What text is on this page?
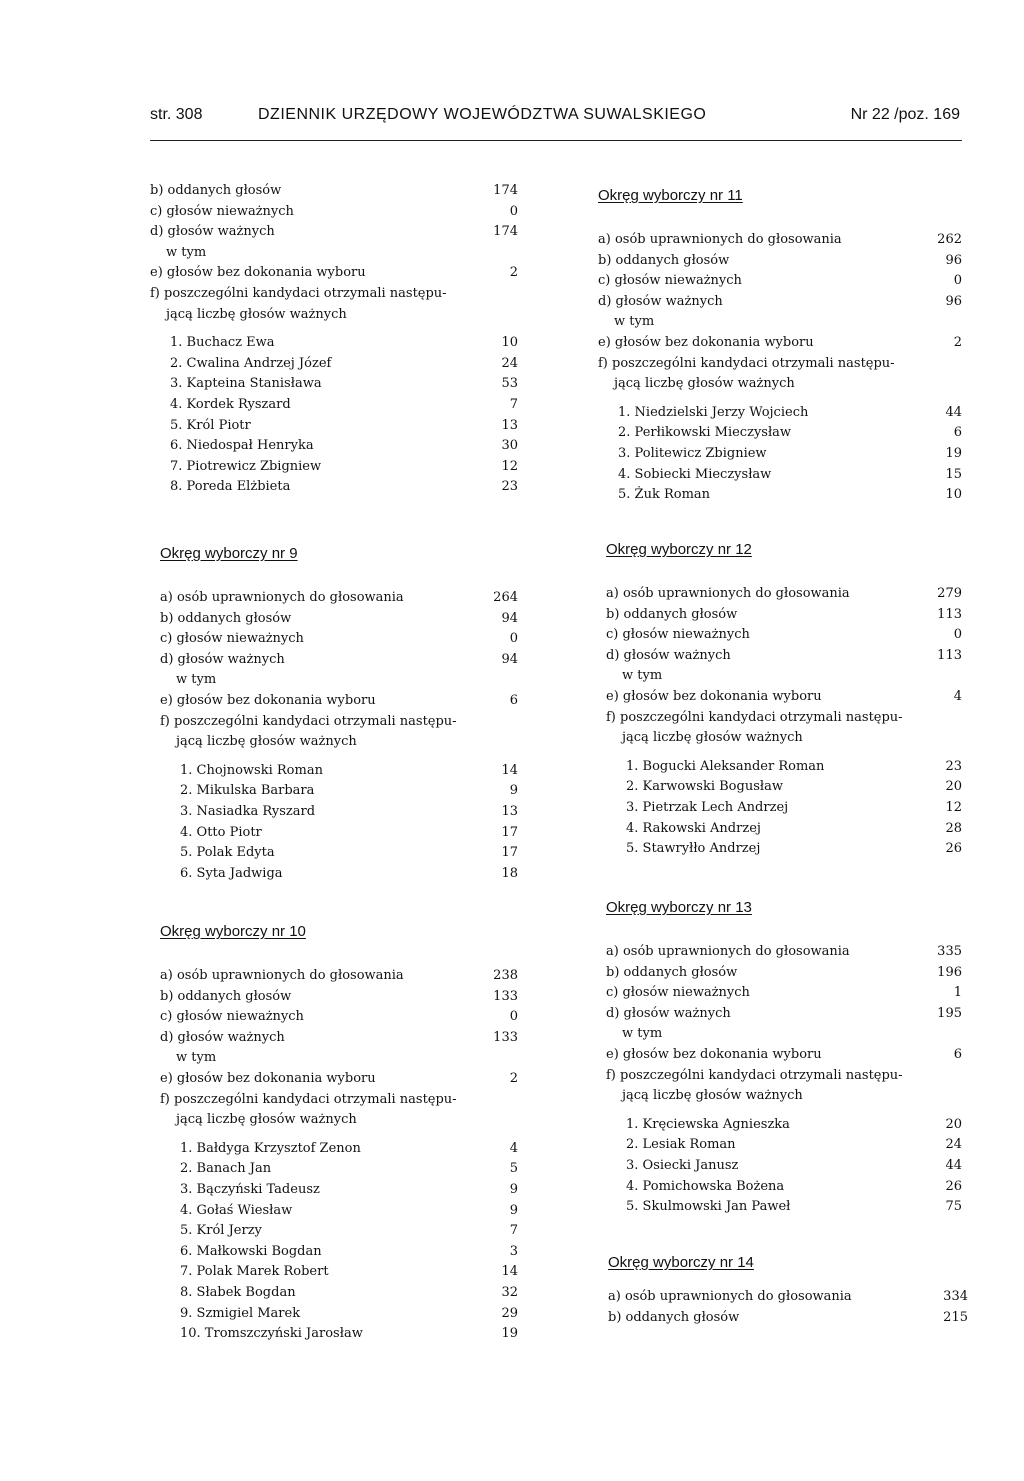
str. 308	DZIENNIK URZĘDOWY WOJEWÓDZTWA SUWALSKIEGO	Nr 22 /poz. 169
b) oddanych głosów	174
c) głosów nieważnych	0
d) głosów ważnych	174
w tym
e) głosów bez dokonania wyboru	2
f) poszczególni kandydaci otrzymali następu-
jącą liczbę głosów ważnych
1. Buchacz Ewa	10
2. Cwalina Andrzej Józef	24
3. Kapteina Stanisława	53
4. Kordek Ryszard	7
5. Król Piotr	13
6. Niedospał Henryka	30
7. Piotrewicz Zbigniew	12
8. Poreda Elżbieta	23
Okręg wyborczy nr 9
a) osób uprawnionych do głosowania	264
b) oddanych głosów	94
c) głosów nieważnych	0
d) głosów ważnych	94
w tym
e) głosów bez dokonania wyboru	6
f) poszczególni kandydaci otrzymali następu-
jącą liczbę głosów ważnych
1. Chojnowski Roman	14
2. Mikulska Barbara	9
3. Nasiadka Ryszard	13
4. Otto Piotr	17
5. Polak Edyta	17
6. Syta Jadwiga	18
Okręg wyborczy nr 10
a) osób uprawnionych do głosowania	238
b) oddanych głosów	133
c) głosów nieważnych	0
d) głosów ważnych	133
w tym
e) głosów bez dokonania wyboru	2
f) poszczególni kandydaci otrzymali następu-
jącą liczbę głosów ważnych
1. Bałdyga Krzysztof Zenon	4
2. Banach Jan	5
3. Bączyński Tadeusz	9
4. Gołaś Wiesław	9
5. Król Jerzy	7
6. Małkowski Bogdan	3
7. Polak Marek Robert	14
8. Słabek Bogdan	32
9. Szmigiel Marek	29
10. Tromszczyński Jarosław	19
Okręg wyborczy nr 11
a) osób uprawnionych do głosowania	262
b) oddanych głosów	96
c) głosów nieważnych	0
d) głosów ważnych	96
w tym
e) głosów bez dokonania wyboru	2
f) poszczególni kandydaci otrzymali następu-
jącą liczbę głosów ważnych
1. Niedzielski Jerzy Wojciech	44
2. Perłikowski Mieczysław	6
3. Politewicz Zbigniew	19
4. Sobiecki Mieczysław	15
5. Żuk Roman	10
Okręg wyborczy nr 12
a) osób uprawnionych do głosowania	279
b) oddanych głosów	113
c) głosów nieważnych	0
d) głosów ważnych	113
w tym
e) głosów bez dokonania wyboru	4
f) poszczególni kandydaci otrzymali następu-
jącą liczbę głosów ważnych
1. Bogucki Aleksander Roman	23
2. Karwowski Bogusław	20
3. Pietrzak Lech Andrzej	12
4. Rakowski Andrzej	28
5. Stawryłło Andrzej	26
Okręg wyborczy nr 13
a) osób uprawnionych do głosowania	335
b) oddanych głosów	196
c) głosów nieważnych	1
d) głosów ważnych	195
w tym
e) głosów bez dokonania wyboru	6
f) poszczególni kandydaci otrzymali następu-
jącą liczbę głosów ważnych
1. Kręciewska Agnieszka	20
2. Lesiak Roman	24
3. Osiecki Janusz	44
4. Pomichowska Bożena	26
5. Skulmowski Jan Paweł	75
Okręg wyborczy nr 14
a) osób uprawnionych do głosowania	334
b) oddanych głosów	215
